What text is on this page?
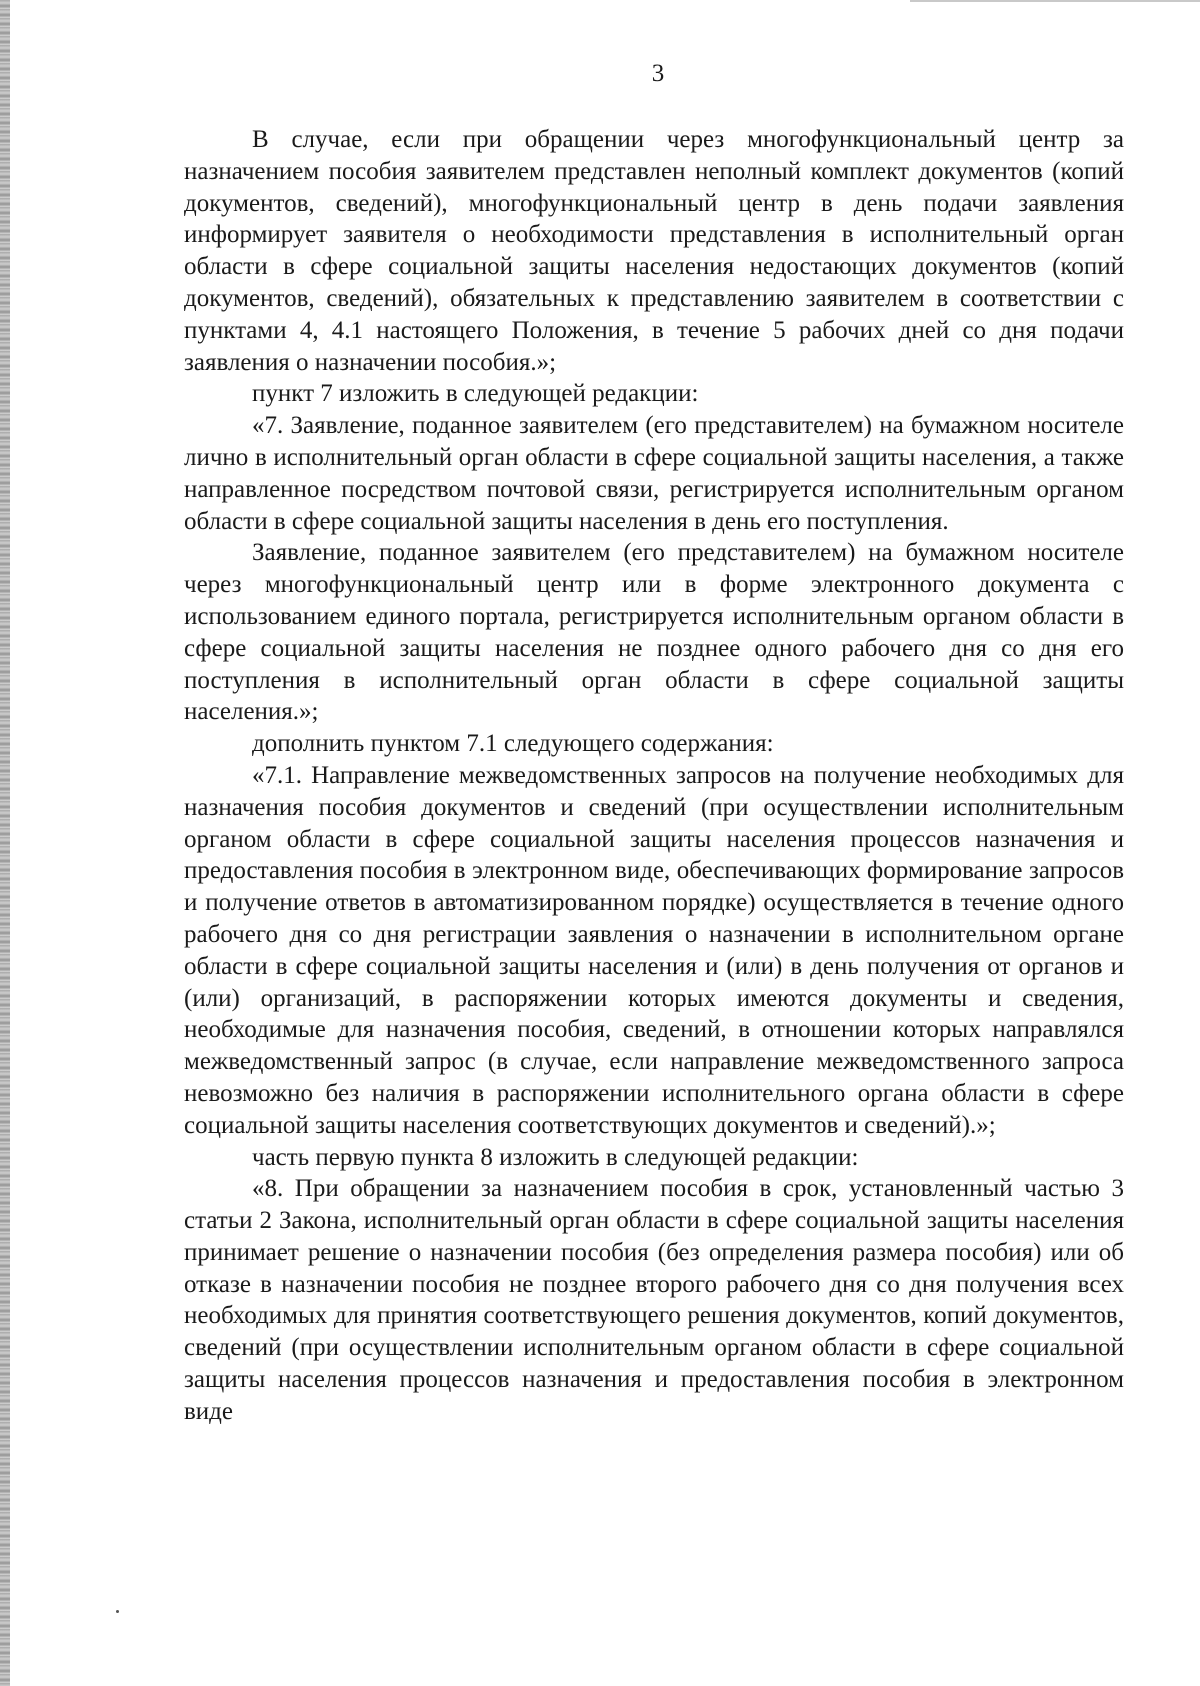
3

В случае, если при обращении через многофункциональный центр за назначением пособия заявителем представлен неполный комплект документов (копий документов, сведений), многофункциональный центр в день подачи заявления информирует заявителя о необходимости представления в исполнительный орган области в сфере социальной защиты населения недостающих документов (копий документов, сведений), обязательных к представлению заявителем в соответствии с пунктами 4, 4.1 настоящего Положения, в течение 5 рабочих дней со дня подачи заявления о назначении пособия.»;

пункт 7 изложить в следующей редакции:

«7. Заявление, поданное заявителем (его представителем) на бумажном носителе лично в исполнительный орган области в сфере социальной защиты населения, а также направленное посредством почтовой связи, регистрируется исполнительным органом области в сфере социальной защиты населения в день его поступления.

Заявление, поданное заявителем (его представителем) на бумажном носителе через многофункциональный центр или в форме электронного документа с использованием единого портала, регистрируется исполнительным органом области в сфере социальной защиты населения не позднее одного рабочего дня со дня его поступления в исполнительный орган области в сфере социальной защиты населения.»;

дополнить пунктом 7.1 следующего содержания:

«7.1. Направление межведомственных запросов на получение необходимых для назначения пособия документов и сведений (при осуществлении исполнительным органом области в сфере социальной защиты населения процессов назначения и предоставления пособия в электронном виде, обеспечивающих формирование запросов и получение ответов в автоматизированном порядке) осуществляется в течение одного рабочего дня со дня регистрации заявления о назначении в исполнительном органе области в сфере социальной защиты населения и (или) в день получения от органов и (или) организаций, в распоряжении которых имеются документы и сведения, необходимые для назначения пособия, сведений, в отношении которых направлялся межведомственный запрос (в случае, если направление межведомственного запроса невозможно без наличия в распоряжении исполнительного органа области в сфере социальной защиты населения соответствующих документов и сведений).»;

часть первую пункта 8 изложить в следующей редакции:

«8. При обращении за назначением пособия в срок, установленный частью 3 статьи 2 Закона, исполнительный орган области в сфере социальной защиты населения принимает решение о назначении пособия (без определения размера пособия) или об отказе в назначении пособия не позднее второго рабочего дня со дня получения всех необходимых для принятия соответствующего решения документов, копий документов, сведений (при осуществлении исполнительным органом области в сфере социальной защиты населения процессов назначения и предоставления пособия в электронном виде
